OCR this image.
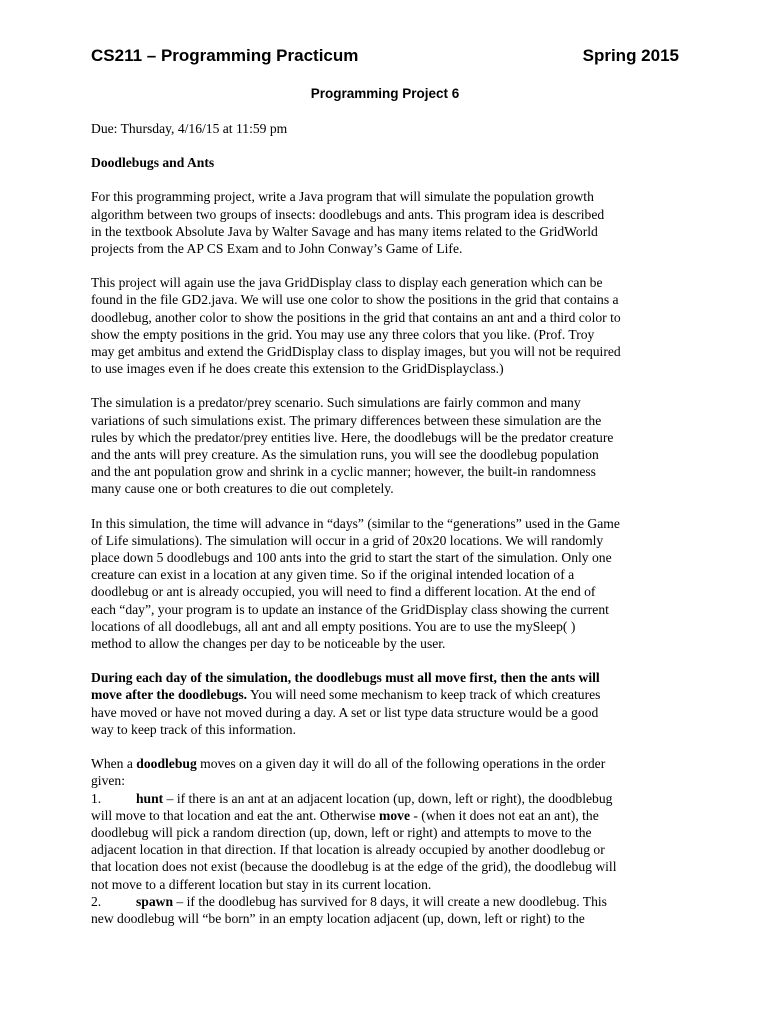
CS211 – Programming Practicum	Spring 2015
Programming Project 6

Due: Thursday, 4/16/15 at 11:59 pm

Doodlebugs and Ants

For this programming project, write a Java program that will simulate the population growth
algorithm between two groups of insects: doodlebugs and ants. This program idea is described
in the textbook Absolute Java by Walter Savage and has many items related to the GridWorld
projects from the AP CS Exam and to John Conway’s Game of Life.

This project will again use the java GridDisplay class to display each generation which can be
found in the file GD2.java. We will use one color to show the positions in the grid that contains a
doodlebug, another color to show the positions in the grid that contains an ant and a third color to
show the empty positions in the grid. You may use any three colors that you like. (Prof. Troy
may get ambitus and extend the GridDisplay class to display images, but you will not be required
to use images even if he does create this extension to the GridDisplayclass.)

The simulation is a predator/prey scenario. Such simulations are fairly common and many
variations of such simulations exist. The primary differences between these simulation are the
rules by which the predator/prey entities live. Here, the doodlebugs will be the predator creature
and the ants will prey creature. As the simulation runs, you will see the doodlebug population
and the ant population grow and shrink in a cyclic manner; however, the built-in randomness
many cause one or both creatures to die out completely.

In this simulation, the time will advance in “days” (similar to the “generations” used in the Game
of Life simulations). The simulation will occur in a grid of 20x20 locations. We will randomly
place down 5 doodlebugs and 100 ants into the grid to start the start of the simulation. Only one
creature can exist in a location at any given time. So if the original intended location of a
doodlebug or ant is already occupied, you will need to find a different location. At the end of
each “day”, your program is to update an instance of the GridDisplay class showing the current
locations of all doodlebugs, all ant and all empty positions. You are to use the mySleep( )
method to allow the changes per day to be noticeable by the user.

During each day of the simulation, the doodlebugs must all move first, then the ants will
move after the doodlebugs. You will need some mechanism to keep track of which creatures
have moved or have not moved during a day. A set or list type data structure would be a good
way to keep track of this information.

When a doodlebug moves on a given day it will do all of the following operations in the order
given:
1.	hunt – if there is an ant at an adjacent location (up, down, left or right), the doodblebug
will move to that location and eat the ant. Otherwise move - (when it does not eat an ant), the
doodlebug will pick a random direction (up, down, left or right) and attempts to move to the
adjacent location in that direction. If that location is already occupied by another doodlebug or
that location does not exist (because the doodlebug is at the edge of the grid), the doodlebug will
not move to a different location but stay in its current location.
2.	spawn – if the doodlebug has survived for 8 days, it will create a new doodlebug. This
new doodlebug will “be born” in an empty location adjacent (up, down, left or right) to the
